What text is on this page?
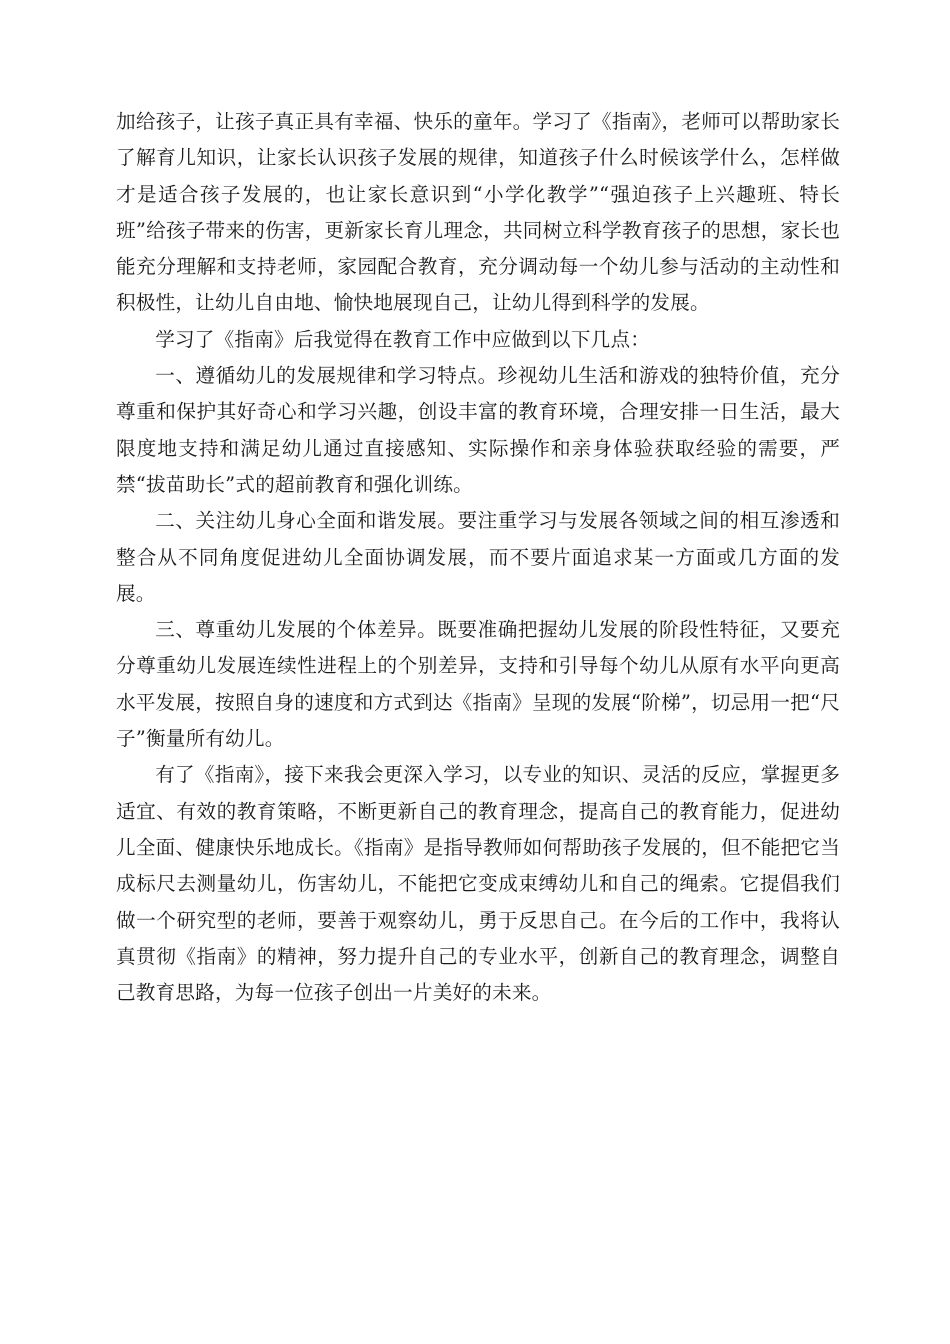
加给孩子，让孩子真正具有幸福、快乐的童年。学习了《指南》，老师可以帮助家长了解育儿知识，让家长认识孩子发展的规律，知道孩子什么时候该学什么，怎样做才是适合孩子发展的，也让家长意识到“小学化教学”“强迫孩子上兴趣班、特长班”给孩子带来的伤害，更新家长育儿理念，共同树立科学教育孩子的思想，家长也能充分理解和支持老师，家园配合教育，充分调动每一个幼儿参与活动的主动性和积极性，让幼儿自由地、愉快地展现自己，让幼儿得到科学的发展。

学习了《指南》后我觉得在教育工作中应做到以下几点：

一、遵循幼儿的发展规律和学习特点。珍视幼儿生活和游戏的独特价值，充分尊重和保护其好奇心和学习兴趣，创设丰富的教育环境，合理安排一日生活，最大限度地支持和满足幼儿通过直接感知、实际操作和亲身体验获取经验的需要，严禁“拔苗助长”式的超前教育和强化训练。

二、关注幼儿身心全面和谐发展。要注重学习与发展各领域之间的相互渗透和整合从不同角度促进幼儿全面协调发展，而不要片面追求某一方面或几方面的发展。

三、尊重幼儿发展的个体差异。既要准确把握幼儿发展的阶段性特征，又要充分尊重幼儿发展连续性进程上的个别差异，支持和引导每个幼儿从原有水平向更高水平发展，按照自身的速度和方式到达《指南》呈现的发展“阶梯”，切忌用一把“尺子”衡量所有幼儿。

有了《指南》，接下来我会更深入学习，以专业的知识、灵活的反应，掌握更多适宜、有效的教育策略，不断更新自己的教育理念，提高自己的教育能力，促进幼儿全面、健康快乐地成长。《指南》是指导教师如何帮助孩子发展的，但不能把它当成标尺去测量幼儿，伤害幼儿，不能把它变成束缚幼儿和自己的绳索。它提倡我们做一个研究型的老师，要善于观察幼儿，勇于反思自己。在今后的工作中，我将认真贯彻《指南》的精神，努力提升自己的专业水平，创新自己的教育理念，调整自己教育思路，为每一位孩子创出一片美好的未来。
